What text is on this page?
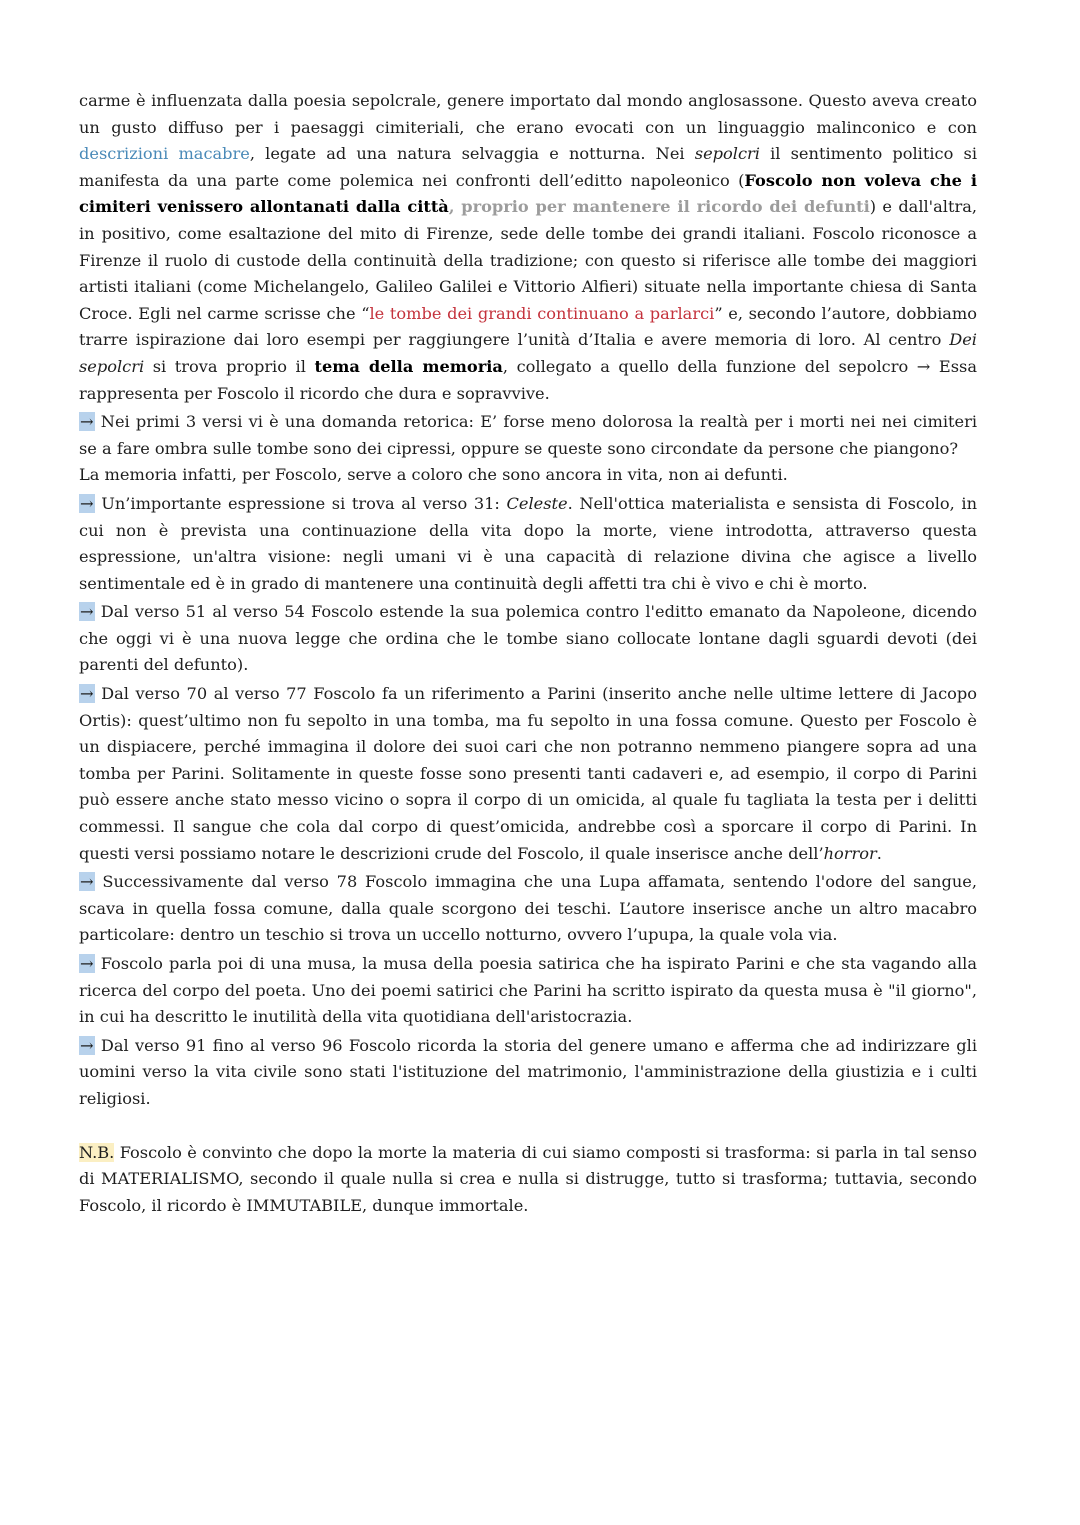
carme è influenzata dalla poesia sepolcrale, genere importato dal mondo anglosassone. Questo aveva creato un gusto diffuso per i paesaggi cimiteriali, che erano evocati con un linguaggio malinconico e con descrizioni macabre, legate ad una natura selvaggia e notturna. Nei sepolcri il sentimento politico si manifesta da una parte come polemica nei confronti dell’editto napoleonico (Foscolo non voleva che i cimiteri venissero allontanati dalla città, proprio per mantenere il ricordo dei defunti) e dall'altra, in positivo, come esaltazione del mito di Firenze, sede delle tombe dei grandi italiani. Foscolo riconosce a Firenze il ruolo di custode della continuità della tradizione; con questo si riferisce alle tombe dei maggiori artisti italiani (come Michelangelo, Galileo Galilei e Vittorio Alfieri) situate nella importante chiesa di Santa Croce. Egli nel carme scrisse che “le tombe dei grandi continuano a parlarci” e, secondo l’autore, dobbiamo trarre ispirazione dai loro esempi per raggiungere l’unità d’Italia e avere memoria di loro. Al centro Dei sepolcri si trova proprio il tema della memoria, collegato a quello della funzione del sepolcro → Essa rappresenta per Foscolo il ricordo che dura e sopravvive.

→ Nei primi 3 versi vi è una domanda retorica: E’ forse meno dolorosa la realtà per i morti nei nei cimiteri se a fare ombra sulle tombe sono dei cipressi, oppure se queste sono circondate da persone che piangono?
La memoria infatti, per Foscolo, serve a coloro che sono ancora in vita, non ai defunti.

→ Un’importante espressione si trova al verso 31: Celeste. Nell'ottica materialista e sensista di Foscolo, in cui non è prevista una continuazione della vita dopo la morte, viene introdotta, attraverso questa espressione, un'altra visione: negli umani vi è una capacità di relazione divina che agisce a livello sentimentale ed è in grado di mantenere una continuità degli affetti tra chi è vivo e chi è morto.

→ Dal verso 51 al verso 54 Foscolo estende la sua polemica contro l'editto emanato da Napoleone, dicendo che oggi vi è una nuova legge che ordina che le tombe siano collocate lontane dagli sguardi devoti (dei parenti del defunto).

→ Dal verso 70 al verso 77 Foscolo fa un riferimento a Parini (inserito anche nelle ultime lettere di Jacopo Ortis): quest’ultimo non fu sepolto in una tomba, ma fu sepolto in una fossa comune. Questo per Foscolo è un dispiacere, perché immagina il dolore dei suoi cari che non potranno nemmeno piangere sopra ad una tomba per Parini. Solitamente in queste fosse sono presenti tanti cadaveri e, ad esempio, il corpo di Parini può essere anche stato messo vicino o sopra il corpo di un omicida, al quale fu tagliata la testa per i delitti commessi. Il sangue che cola dal corpo di quest’omicida, andrebbe così a sporcare il corpo di Parini. In questi versi possiamo notare le descrizioni crude del Foscolo, il quale inserisce anche dell’horror.

→ Successivamente dal verso 78 Foscolo immagina che una Lupa affamata, sentendo l'odore del sangue, scava in quella fossa comune, dalla quale scorgono dei teschi. L’autore inserisce anche un altro macabro particolare: dentro un teschio si trova un uccello notturno, ovvero l’upupa, la quale vola via.

→ Foscolo parla poi di una musa, la musa della poesia satirica che ha ispirato Parini e che sta vagando alla ricerca del corpo del poeta. Uno dei poemi satirici che Parini ha scritto ispirato da questa musa è "il giorno", in cui ha descritto le inutilità della vita quotidiana dell'aristocrazia.

→ Dal verso 91 fino al verso 96 Foscolo ricorda la storia del genere umano e afferma che ad indirizzare gli uomini verso la vita civile sono stati l'istituzione del matrimonio, l'amministrazione della giustizia e i culti religiosi.

N.B. Foscolo è convinto che dopo la morte la materia di cui siamo composti si trasforma: si parla in tal senso di MATERIALISMO, secondo il quale nulla si crea e nulla si distrugge, tutto si trasforma; tuttavia, secondo Foscolo, il ricordo è IMMUTABILE, dunque immortale.
